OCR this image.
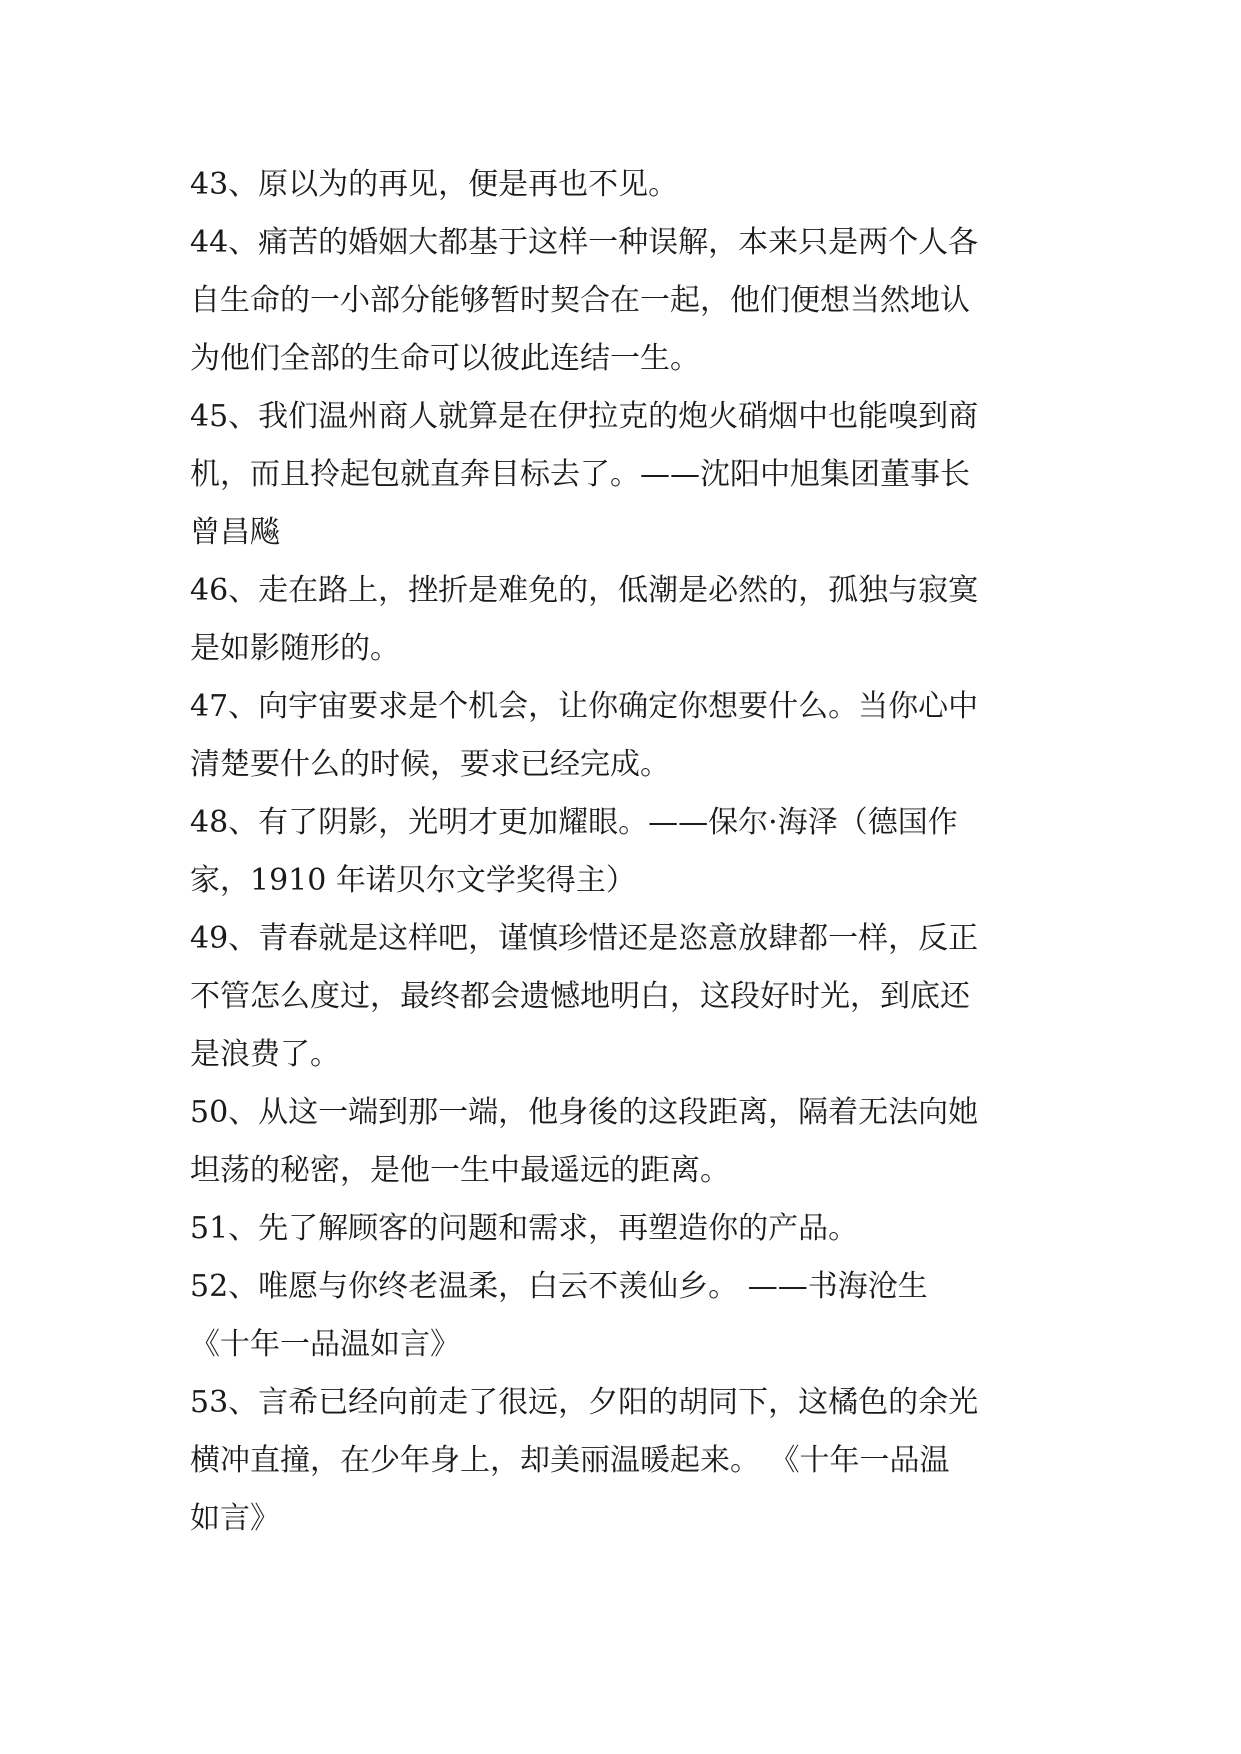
43、原以为的再见，便是再也不见。

44、痛苦的婚姻大都基于这样一种误解，本来只是两个人各

自生命的一小部分能够暂时契合在一起，他们便想当然地认

为他们全部的生命可以彼此连结一生。

45、我们温州商人就算是在伊拉克的炮火硝烟中也能嗅到商

机，而且拎起包就直奔目标去了。——沈阳中旭集团董事长

曾昌飚

46、走在路上，挫折是难免的，低潮是必然的，孤独与寂寞

是如影随形的。

47、向宇宙要求是个机会，让你确定你想要什么。当你心中

清楚要什么的时候，要求已经完成。

48、有了阴影，光明才更加耀眼。——保尔·海泽（德国作

家，1910 年诺贝尔文学奖得主）

49、青春就是这样吧，谨慎珍惜还是恣意放肆都一样，反正

不管怎么度过，最终都会遗憾地明白，这段好时光，到底还

是浪费了。

50、从这一端到那一端，他身後的这段距离，隔着无法向她

坦荡的秘密，是他一生中最遥远的距离。

51、先了解顾客的问题和需求，再塑造你的产品。

52、唯愿与你终老温柔，白云不羡仙乡。 ——书海沧生

《十年一品温如言》

53、言希已经向前走了很远，夕阳的胡同下，这橘色的余光

横冲直撞，在少年身上，却美丽温暖起来。 《十年一品温

如言》
